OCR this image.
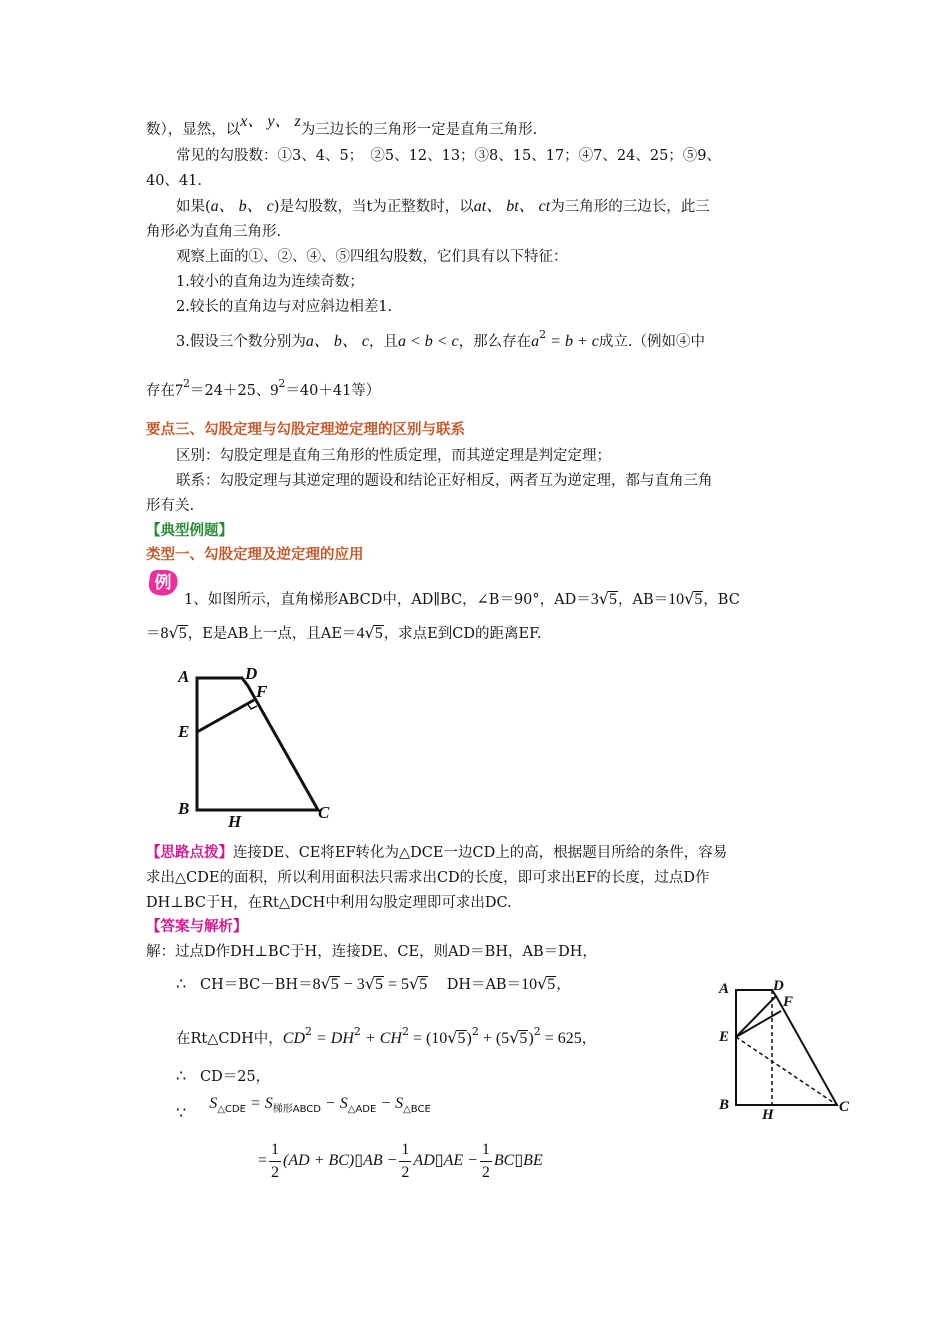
数），显然，以x、 y、 z为三边长的三角形一定是直角三角形.
常见的勾股数：①3、4、5；　②5、12、13；③8、15、17；④7、24、25；⑤9、
40、41.
如果(a、 b、 c)是勾股数，当t为正整数时，以at、 bt、 ct为三角形的三边长，此三
角形必为直角三角形.
观察上面的①、②、④、⑤四组勾股数，它们具有以下特征：
1.较小的直角边为连续奇数；
2.较长的直角边与对应斜边相差1.
3.假设三个数分别为a、 b、 c，且a < b < c，那么存在$a^2 = b + c$成立.（例如④中
存在$7^2=24+25$、$9^2=40+41$等）
要点三、勾股定理与勾股定理逆定理的区别与联系
区别：勾股定理是直角三角形的性质定理，而其逆定理是判定定理；
联系：勾股定理与其逆定理的题设和结论正好相反，两者互为逆定理，都与直角三角
形有关.
【典型例题】
类型一、勾股定理及逆定理的应用
例
1、如图所示，直角梯形ABCD中，AD∥BC，∠B＝90°，AD＝3√5，AB＝10√5，BC
＝8√5，E是AB上一点，且AE＝4√5，求点E到CD的距离EF.
A	D
F
E
B
H	C
【思路点拨】连接DE、CE将EF转化为△DCE一边CD上的高，根据题目所给的条件，容易
求出△CDE的面积，所以利用面积法只需求出CD的长度，即可求出EF的长度，过点D作
DH⊥BC于H，在Rt△DCH中利用勾股定理即可求出DC.
【答案与解析】
解：过点D作DH⊥BC于H，连接DE、CE，则AD＝BH，AB＝DH，
∴ CH＝BC－BH＝8√5 − 3√5 = 5√5 DH＝AB＝10√5，
在Rt△CDH中，$CD^2 = DH^2 + CH^2 = (10√5)^2 + (5√5)^2 = 625$，
∴ CD＝25，
∵     $S_{\triangle CDE} = S_{梯形ABCD} - S_{\triangle ADE} - S_{\triangle BCE}$
= $\frac{1}{2} (AD$ + BC)▯AB − $\frac{1}{2}$ AD▯AE − $\frac{1}{2}$ BC▯BE
A	D
F
E
B
H	C
